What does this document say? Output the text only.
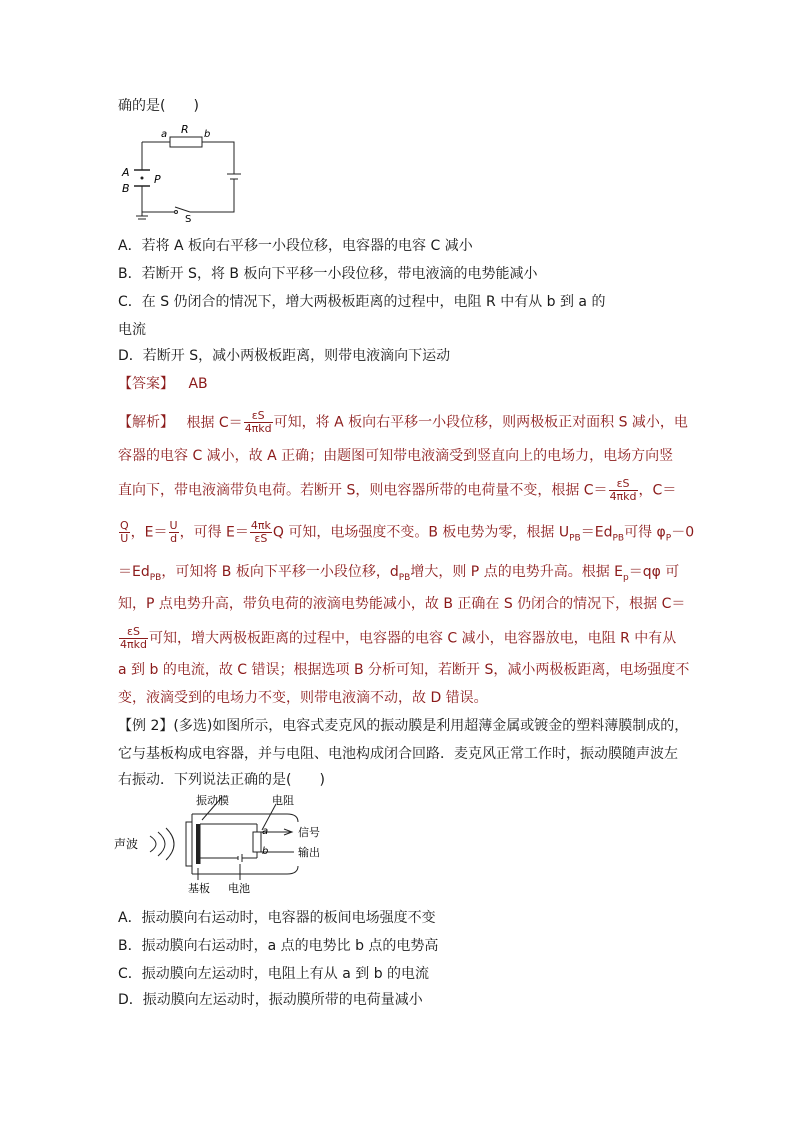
确的是(　　)
a R b
A
B
P
S
A．若将 A 板向右平移一小段位移，电容器的电容 C 减小
B．若断开 S，将 B 板向下平移一小段位移，带电液滴的电势能减小
C．在 S 仍闭合的情况下，增大两极板距离的过程中，电阻 R 中有从 b 到 a 的
电流
D．若断开 S，减小两极板距离，则带电液滴向下运动
【答案】 AB
【解析】 根据 $C= \frac{\varepsilon S}{\text{4πkd}}$ 可知，将 A 板向右平移一小段位移，则两极板正对面积 S 减小，电
容器的电容 C 减小，故 A 正确；由题图可知带电液滴受到竖直向上的电场力，电场方向竖
直向下，带电液滴带负电荷。若断开 S，则电容器所带的电荷量不变，根据 $C= \frac{\varepsilon S}{\text{4πkd}}$ ，C＝
$\frac{Q}{U}$ ，$E= \frac{U}{d}$ ，可得 $E= \frac{4\pi k}{\varepsilon S}$ Q 可知，电场强度不变。B 板电势为零，根据 $U_{PB}=Ed_{PB}$可得 $\varphi_P-0$
$=Ed_{PB}$，可知将 B 板向下平移一小段位移，$d_{PB}$增大，则 P 点的电势升高。根据 $E_p=q\varphi$ 可
知，P 点电势升高，带负电荷的液滴电势能减小，故 B 正确在 S 仍闭合的情况下，根据 C＝
$\frac{\varepsilon S}{\text{4πkd}}$ 可知，增大两极板距离的过程中，电容器的电容 C 减小，电容器放电，电阻 R 中有从
a 到 b 的电流，故 C 错误；根据选项 B 分析可知，若断开 S，减小两极板距离，电场强度不
变，液滴受到的电场力不变，则带电液滴不动，故 D 错误。
【例 2】(多选)如图所示，电容式麦克风的振动膜是利用超薄金属或镀金的塑料薄膜制成的，
它与基板构成电容器，并与电阻、电池构成闭合回路．麦克风正常工作时，振动膜随声波左
右振动．下列说法正确的是(　　)
振动膜	电阻
声波
信号
输出
基板 电池
a
b
A．振动膜向右运动时，电容器的板间电场强度不变
B．振动膜向右运动时，a 点的电势比 b 点的电势高
C．振动膜向左运动时，电阻上有从 a 到 b 的电流
D．振动膜向左运动时，振动膜所带的电荷量减小
